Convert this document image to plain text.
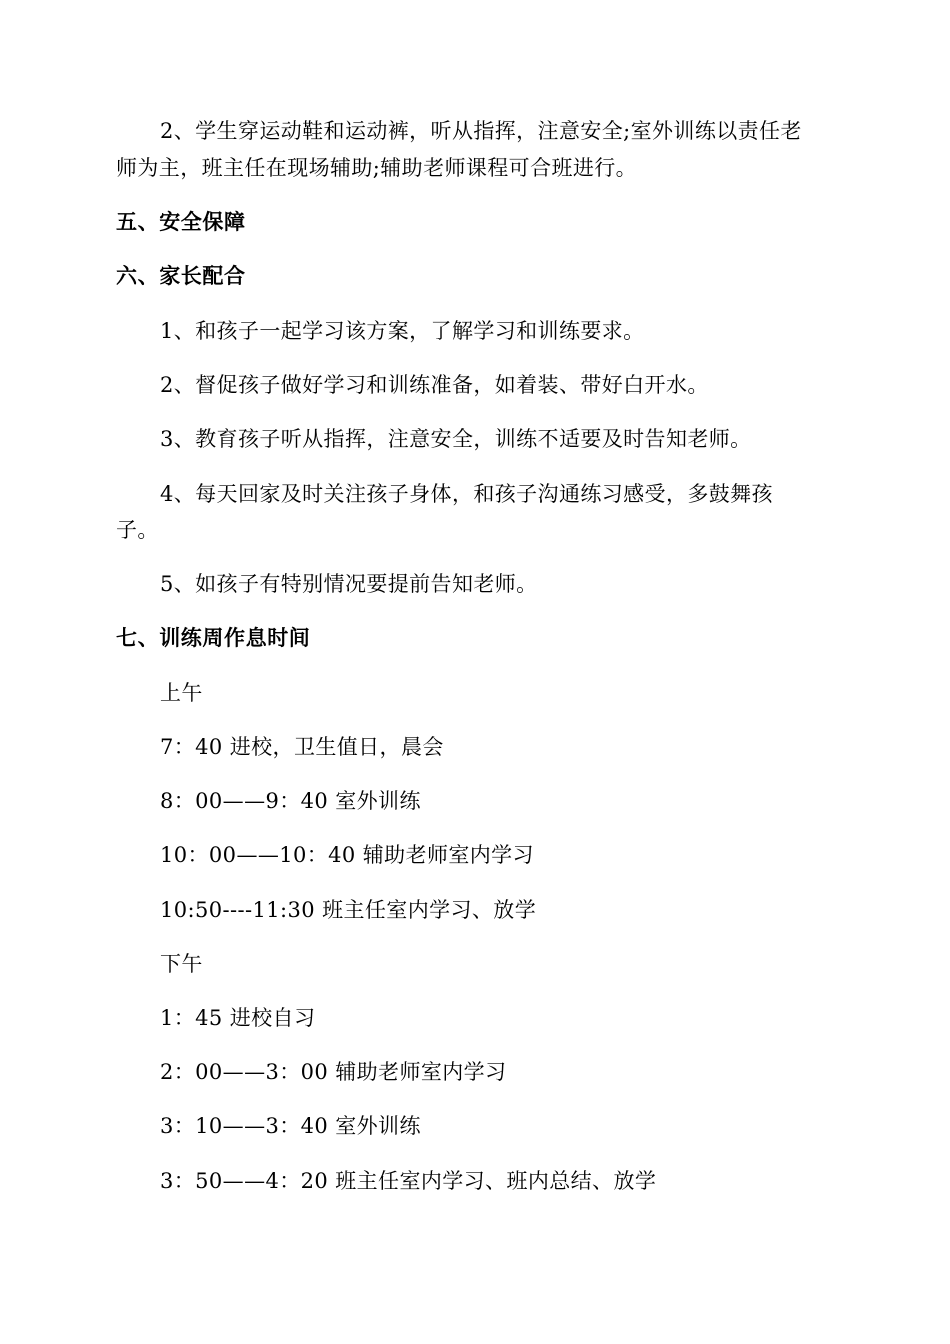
2、学生穿运动鞋和运动裤，听从指挥，注意安全;室外训练以责任老
师为主，班主任在现场辅助;辅助老师课程可合班进行。
五、安全保障
六、家长配合
1、和孩子一起学习该方案，了解学习和训练要求。
2、督促孩子做好学习和训练准备，如着装、带好白开水。
3、教育孩子听从指挥，注意安全，训练不适要及时告知老师。
4、每天回家及时关注孩子身体，和孩子沟通练习感受，多鼓舞孩
子。
5、如孩子有特别情况要提前告知老师。
七、训练周作息时间
上午
7：40 进校，卫生值日，晨会
8：00——9：40 室外训练
10：00——10：40 辅助老师室内学习
10:50----11:30 班主任室内学习、放学
下午
1：45 进校自习
2：00——3：00 辅助老师室内学习
3：10——3：40 室外训练
3：50——4：20 班主任室内学习、班内总结、放学
